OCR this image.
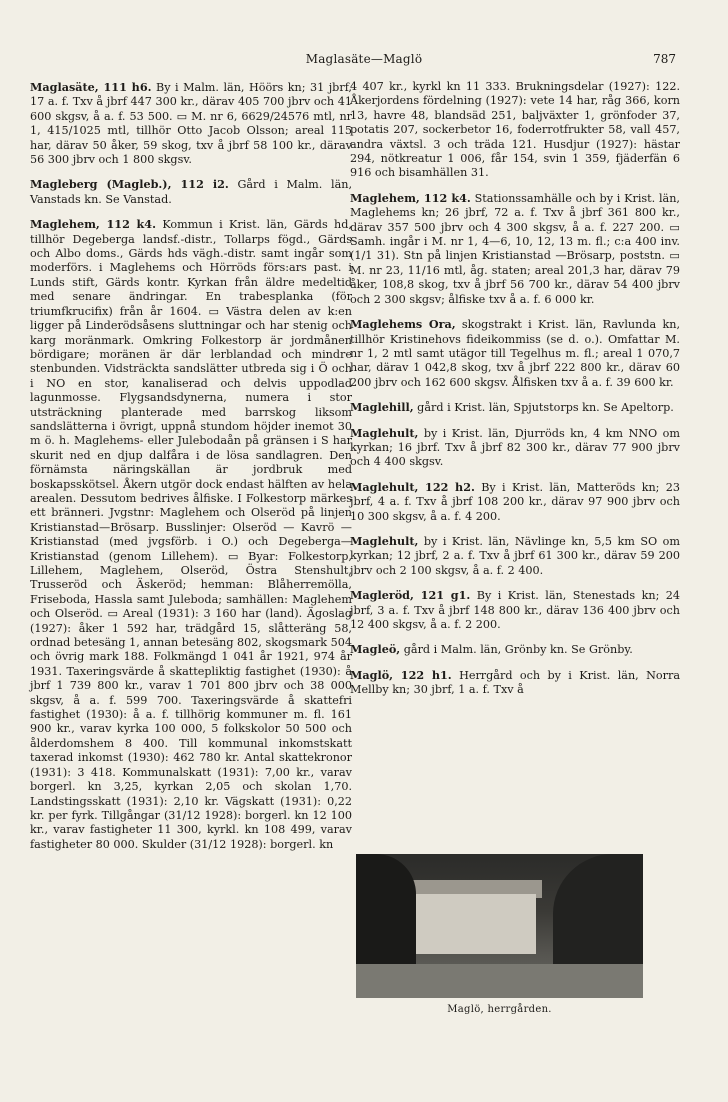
Maglasäte—Maglö	787

Maglasäte, 111 h6. By i Malm. län, Höörs kn; 31 jbrf, 17 a. f. Txv å jbrf 447 300 kr., därav 405 700 jbrv och 41 600 skgsv, å a. f. 53 500. ▭ M. nr 6, 6629/24576 mtl, nr 1, 415/1025 mtl, tillhör Otto Jacob Olsson; areal 115 har, därav 50 åker, 59 skog, txv å jbrf 58 100 kr., därav 56 300 jbrv och 1 800 skgsv.

Magleberg (Magleb.), 112 i2. Gård i Malm. län, Vanstads kn. Se Vanstad.

Maglehem, 112 k4. Kommun i Krist. län, Gärds hd, tillhör Degeberga landsf.-distr., Tollarps fögd., Gärds och Albo doms., Gärds hds vägh.-distr. samt ingår som moderförs. i Maglehems och Hörröds förs:ars past. i Lunds stift, Gärds kontr. Kyrkan från äldre medeltid med senare ändringar. En trabesplanka (för triumfkrucifix) från år 1604. ▭ Västra delen av k:en ligger på Linderödsåsens sluttningar och har stenig och karg moränmark. Omkring Folkestorp är jordmånen bördigare; moränen är där lerblandad och mindre stenbunden. Vidsträckta sandslätter utbreda sig i Ö och i NO en stor, kanaliserad och delvis uppodlad lagunmosse. Flygsandsdynerna, numera i stor utsträckning planterade med barrskog liksom sandslätterna i övrigt, uppnå stundom höjder inemot 30 m ö. h. Maglehems- eller Julebodaån på gränsen i S har skurit ned en djup dalfåra i de lösa sandlagren. Den förnämsta näringskällan är jordbruk med boskapsskötsel. Åkern utgör dock endast hälften av hela arealen. Dessutom bedrives ålfiske. I Folkestorp märkes ett bränneri. Jvgstnr: Maglehem och Olseröd på linjen Kristianstad—Brösarp. Busslinjer: Olseröd — Kavrö — Kristianstad (med jvgsförb. i O.) och Degeberga—Kristianstad (genom Lillehem). ▭ Byar: Folkestorp, Lillehem, Maglehem, Olseröd, Östra Stenshult, Trusseröd och Äskeröd; hemman: Blåherremölla, Friseboda, Hassla samt Juleboda; samhällen: Maglehem och Olseröd. ▭ Areal (1931): 3 160 har (land). Ägoslag (1927): åker 1 592 har, trädgård 15, slåtteräng 58, ordnad betesäng 1, annan betesäng 802, skogsmark 504 och övrig mark 188. Folkmängd 1 041 år 1921, 974 år 1931. Taxeringsvärde å skattepliktig fastighet (1930): å jbrf 1 739 800 kr., varav 1 701 800 jbrv och 38 000 skgsv, å a. f. 599 700. Taxeringsvärde å skattefri fastighet (1930): å a. f. tillhörig kommuner m. fl. 161 900 kr., varav kyrka 100 000, 5 folkskolor 50 500 och ålderdomshem 8 400. Till kommunal inkomstskatt taxerad inkomst (1930): 462 780 kr. Antal skattekronor (1931): 3 418. Kommunalskatt (1931): 7,00 kr., varav borgerl. kn 3,25, kyrkan 2,05 och skolan 1,70. Landstingsskatt (1931): 2,10 kr. Vägskatt (1931): 0,22 kr. per fyrk. Tillgångar (31/12 1928): borgerl. kn 12 100 kr., varav fastigheter 11 300, kyrkl. kn 108 499, varav fastigheter 80 000. Skulder (31/12 1928): borgerl. kn

4 407 kr., kyrkl kn 11 333. Brukningsdelar (1927): 122. Åkerjordens fördelning (1927): vete 14 har, råg 366, korn 13, havre 48, blandsäd 251, baljväxter 1, grönfoder 37, potatis 207, sockerbetor 16, foderrotfrukter 58, vall 457, andra växtsl. 3 och träda 121. Husdjur (1927): hästar 294, nötkreatur 1 006, får 154, svin 1 359, fjäderfän 6 916 och bisamhällen 31.

Maglehem, 112 k4. Stationssamhälle och by i Krist. län, Maglehems kn; 26 jbrf, 72 a. f. Txv å jbrf 361 800 kr., därav 357 500 jbrv och 4 300 skgsv, å a. f. 227 200. ▭ Samh. ingår i M. nr 1, 4—6, 10, 12, 13 m. fl.; c:a 400 inv. (1/1 31). Stn på linjen Kristianstad —Brösarp, poststn. ▭ M. nr 23, 11/16 mtl, åg. staten; areal 201,3 har, därav 79 åker, 108,8 skog, txv å jbrf 56 700 kr., därav 54 400 jbrv och 2 300 skgsv; ålfiske txv å a. f. 6 000 kr.

Maglehems Ora, skogstrakt i Krist. län, Ravlunda kn, tillhör Kristinehovs fideikommiss (se d. o.). Omfattar M. nr 1, 2 mtl samt utägor till Tegelhus m. fl.; areal 1 070,7 har, därav 1 042,8 skog, txv å jbrf 222 800 kr., därav 60 200 jbrv och 162 600 skgsv. Ålfisken txv å a. f. 39 600 kr.

Maglehill, gård i Krist. län, Spjutstorps kn. Se Apeltorp.

Maglehult, by i Krist. län, Djurröds kn, 4 km NNO om kyrkan; 16 jbrf. Txv å jbrf 82 300 kr., därav 77 900 jbrv och 4 400 skgsv.

Maglehult, 122 h2. By i Krist. län, Matteröds kn; 23 jbrf, 4 a. f. Txv å jbrf 108 200 kr., därav 97 900 jbrv och 10 300 skgsv, å a. f. 4 200.

Maglehult, by i Krist. län, Nävlinge kn, 5,5 km SO om kyrkan; 12 jbrf, 2 a. f. Txv å jbrf 61 300 kr., därav 59 200 jbrv och 2 100 skgsv, å a. f. 2 400.

Magleröd, 121 g1. By i Krist. län, Stenestads kn; 24 jbrf, 3 a. f. Txv å jbrf 148 800 kr., därav 136 400 jbrv och 12 400 skgsv, å a. f. 2 200.

Magleö, gård i Malm. län, Grönby kn. Se Grönby.

Maglö, 122 h1. Herrgård och by i Krist. län, Norra Mellby kn; 30 jbrf, 1 a. f. Txv å

Maglö, herrgården.
